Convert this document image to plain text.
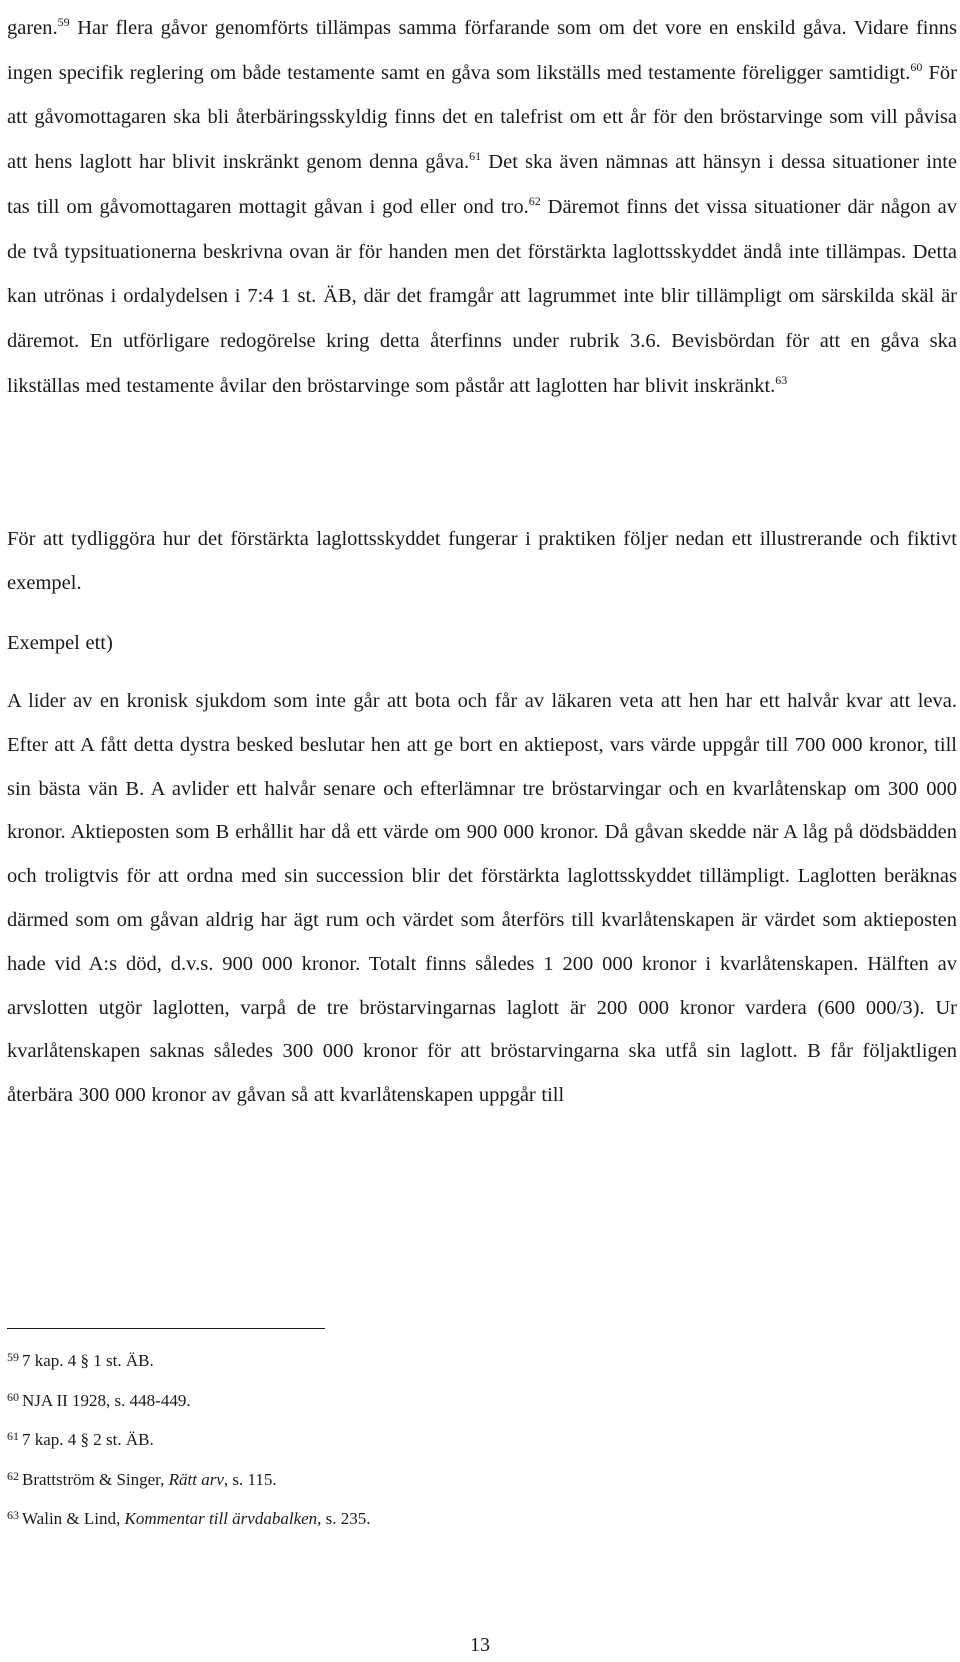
garen.$^{59}$ Har flera gåvor genomförts tillämpas samma förfarande som om det vore en enskild gåva. Vidare finns ingen specifik reglering om både testamente samt en gåva som likställs med testamente föreligger samtidigt.$^{60}$ För att gåvomottagaren ska bli återbäringsskyldig finns det en talefrist om ett år för den bröstarvinge som vill påvisa att hens laglott har blivit inskränkt genom denna gåva.$^{61}$ Det ska även nämnas att hänsyn i dessa situationer inte tas till om gåvomottagaren mottagit gåvan i god eller ond tro.$^{62}$ Däremot finns det vissa situationer där någon av de två typsituationerna beskrivna ovan är för handen men det förstärkta laglottsskyddet ändå inte tillämpas. Detta kan utrönas i ordalydelsen i 7:4 1 st. ÄB, där det framgår att lagrummet inte blir tillämpligt om särskilda skäl är däremot. En utförligare redogörelse kring detta återfinns under rubrik 3.6. Bevisbördan för att en gåva ska likställas med testamente åvilar den bröstarvinge som påstår att laglotten har blivit inskränkt.$^{63}$

För att tydliggöra hur det förstärkta laglottsskyddet fungerar i praktiken följer nedan ett illustrerande och fiktivt exempel.

Exempel ett)

A lider av en kronisk sjukdom som inte går att bota och får av läkaren veta att hen har ett halvår kvar att leva. Efter att A fått detta dystra besked beslutar hen att ge bort en aktiepost, vars värde uppgår till 700 000 kronor, till sin bästa vän B. A avlider ett halvår senare och efterlämnar tre bröstarvingar och en kvarlåtenskap om 300 000 kronor. Aktieposten som B erhållit har då ett värde om 900 000 kronor. Då gåvan skedde när A låg på dödsbädden och troligtvis för att ordna med sin succession blir det förstärkta laglottsskyddet tillämpligt. Laglotten beräknas därmed som om gåvan aldrig har ägt rum och värdet som återförs till kvarlåtenskapen är värdet som aktieposten hade vid A:s död, d.v.s. 900 000 kronor. Totalt finns således 1 200 000 kronor i kvarlåtenskapen. Hälften av arvslotten utgör laglotten, varpå de tre bröstarvingarnas laglott är 200 000 kronor vardera (600 000/3). Ur kvarlåtenskapen saknas således 300 000 kronor för att bröstarvingarna ska utfå sin laglott. B får följaktligen återbära 300 000 kronor av gåvan så att kvarlåtenskapen uppgår till

$^{59}$ 7 kap. 4 § 1 st. ÄB.

$^{60}$ NJA II 1928, s. 448-449.

$^{61}$ 7 kap. 4 § 2 st. ÄB.

$^{62}$ Brattström & Singer, Rätt arv, s. 115.

$^{63}$ Walin & Lind, Kommentar till ärvdabalken, s. 235.

13
